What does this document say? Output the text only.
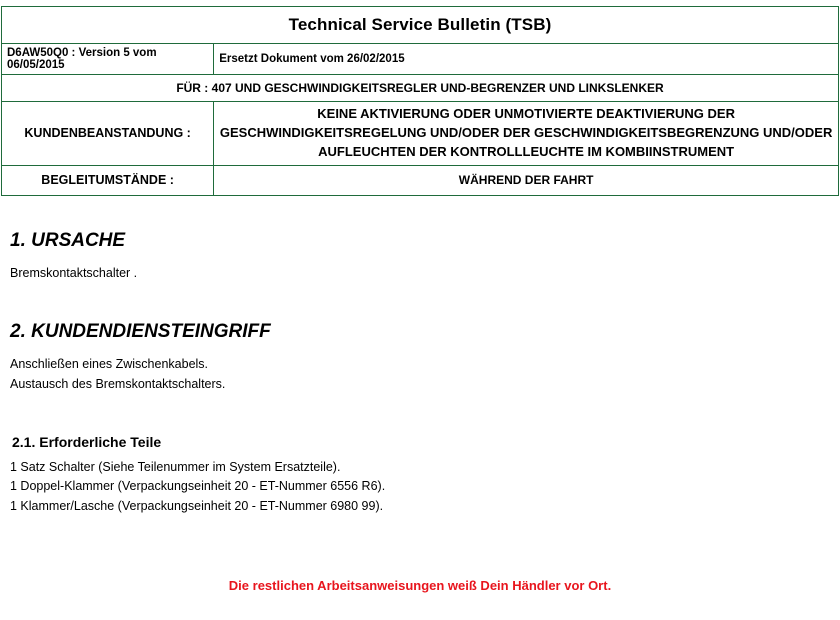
Technical Service Bulletin (TSB)	
D6AW50Q0 : Version 5 vom 06/05/2015	Ersetzt Dokument vom 26/02/2015
FÜR : 407 UND GESCHWINDIGKEITSREGLER UND-BEGRENZER UND LINKSLENKER	
KUNDENBEANSTANDUNG :	KEINE AKTIVIERUNG ODER UNMOTIVIERTE DEAKTIVIERUNG DER GESCHWINDIGKEITSREGELUNG UND/ODER DER GESCHWINDIGKEITSBEGRENZUNG UND/ODER AUFLEUCHTEN DER KONTROLLLEUCHTE IM KOMBIINSTRUMENT
BEGLEITUMSTÄNDE :	WÄHREND DER FAHRT
1. URSACHE

Bremskontaktschalter .

2. KUNDENDIENSTEINGRIFF

Anschließen eines Zwischenkabels.

Austausch des Bremskontaktschalters.

2.1. Erforderliche Teile
1 Satz Schalter (Siehe Teilenummer im System Ersatzteile).
1 Doppel-Klammer (Verpackungseinheit 20 - ET-Nummer 6556 R6).
1 Klammer/Lasche (Verpackungseinheit 20 - ET-Nummer 6980 99).
Die restlichen Arbeitsanweisungen weiß Dein Händler vor Ort.
